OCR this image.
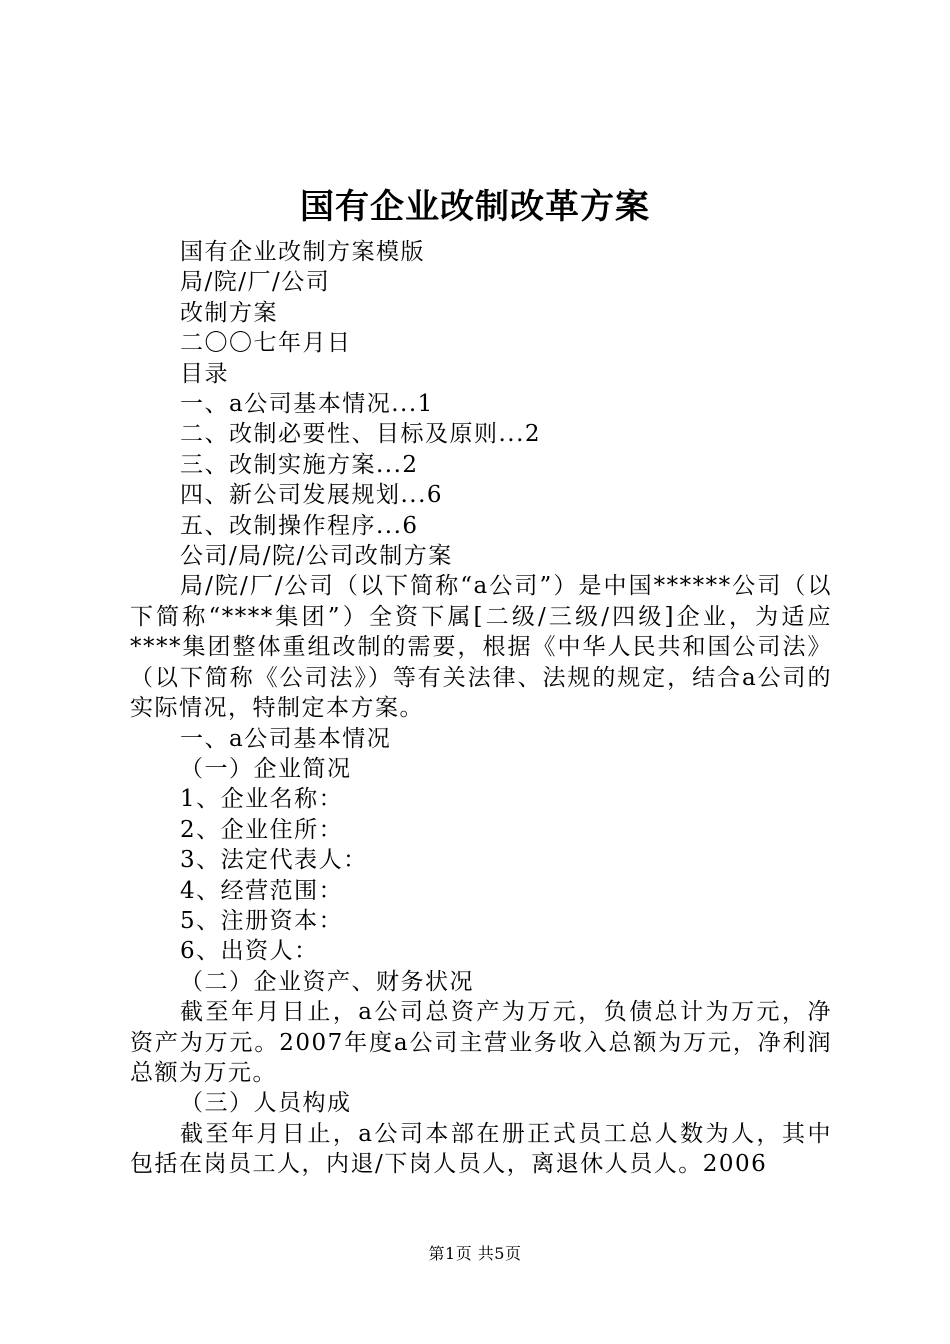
国有企业改制改革方案

国有企业改制方案模版

局/院/厂/公司

改制方案

二〇〇七年月日

目录

一、a公司基本情况...1

二、改制必要性、目标及原则...2

三、改制实施方案...2

四、新公司发展规划...6

五、改制操作程序...6

公司/局/院/公司改制方案

局/院/厂/公司（以下简称“a公司”）是中国******公司（以下简称“****集团”）全资下属[二级/三级/四级]企业，为适应****集团整体重组改制的需要，根据《中华人民共和国公司法》（以下简称《公司法》）等有关法律、法规的规定，结合a公司的实际情况，特制定本方案。

一、a公司基本情况

（一）企业简况

1、企业名称：

2、企业住所：

3、法定代表人：

4、经营范围：

5、注册资本：

6、出资人：

（二）企业资产、财务状况

截至年月日止，a公司总资产为万元，负债总计为万元，净资产为万元。2007年度a公司主营业务收入总额为万元，净利润总额为万元。

（三）人员构成

截至年月日止，a公司本部在册正式员工总人数为人，其中包括在岗员工人，内退/下岗人员人，离退休人员人。2006

第1页 共5页
